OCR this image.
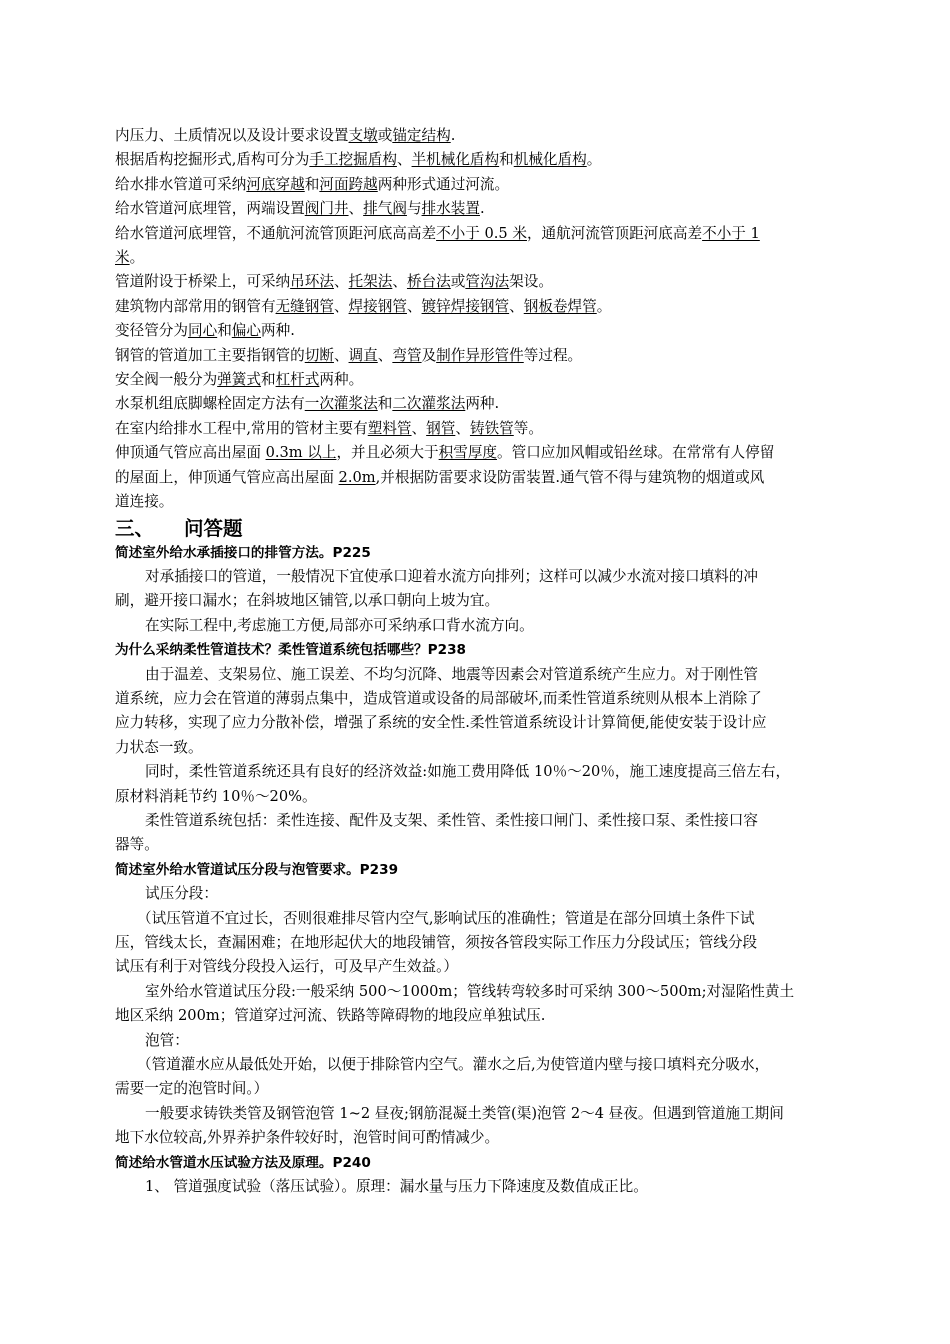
内压力、土质情况以及设计要求设置支墩或锚定结构.
根据盾构挖掘形式,盾构可分为手工挖掘盾构、半机械化盾构和机械化盾构。
给水排水管道可采纳河底穿越和河面跨越两种形式通过河流。
给水管道河底埋管，两端设置阀门井、排气阀与排水装置.
给水管道河底埋管，不通航河流管顶距河底高高差不小于 0.5 米，通航河流管顶距河底高差不小于 1
米。
管道附设于桥梁上，可采纳吊环法、托架法、桥台法或管沟法架设。
建筑物内部常用的钢管有无缝钢管、焊接钢管、镀锌焊接钢管、钢板卷焊管。
变径管分为同心和偏心两种.
钢管的管道加工主要指钢管的切断、调直、弯管及制作异形管件等过程。
安全阀一般分为弹簧式和杠杆式两种。
水泵机组底脚螺栓固定方法有一次灌浆法和二次灌浆法两种.
在室内给排水工程中,常用的管材主要有塑料管、钢管、铸铁管等。
伸顶通气管应高出屋面 0.3m 以上，并且必须大于积雪厚度。管口应加风帽或铅丝球。在常常有人停留
的屋面上，伸顶通气管应高出屋面 2.0m,并根据防雷要求设防雷装置.通气管不得与建筑物的烟道或风
道连接。
三、 问答题
简述室外给水承插接口的排管方法。P225
对承插接口的管道，一般情况下宜使承口迎着水流方向排列；这样可以减少水流对接口填料的冲
刷，避开接口漏水；在斜坡地区铺管,以承口朝向上坡为宜。
在实际工程中,考虑施工方便,局部亦可采纳承口背水流方向。
为什么采纳柔性管道技术？柔性管道系统包括哪些？P238
由于温差、支架易位、施工误差、不均匀沉降、地震等因素会对管道系统产生应力。对于刚性管
道系统，应力会在管道的薄弱点集中，造成管道或设备的局部破坏,而柔性管道系统则从根本上消除了
应力转移，实现了应力分散补偿，增强了系统的安全性.柔性管道系统设计计算简便,能使安装于设计应
力状态一致。
同时，柔性管道系统还具有良好的经济效益:如施工费用降低 10％～20％，施工速度提高三倍左右，
原材料消耗节约 10％～20%。
柔性管道系统包括：柔性连接、配件及支架、柔性管、柔性接口闸门、柔性接口泵、柔性接口容
器等。
简述室外给水管道试压分段与泡管要求。P239
试压分段：
（试压管道不宜过长，否则很难排尽管内空气,影响试压的准确性；管道是在部分回填土条件下试
压，管线太长，查漏困难；在地形起伏大的地段铺管，须按各管段实际工作压力分段试压；管线分段
试压有利于对管线分段投入运行，可及早产生效益。）
室外给水管道试压分段:一般采纳 500～1000m；管线转弯较多时可采纳 300～500m;对湿陷性黄土
地区采纳 200m；管道穿过河流、铁路等障碍物的地段应单独试压.
泡管：
（管道灌水应从最低处开始，以便于排除管内空气。灌水之后,为使管道内壁与接口填料充分吸水，
需要一定的泡管时间。）
一般要求铸铁类管及钢管泡管 1~2 昼夜;钢筋混凝土类管(渠)泡管 2～4 昼夜。但遇到管道施工期间
地下水位较高,外界养护条件较好时，泡管时间可酌情减少。
简述给水管道水压试验方法及原理。P240
1、 管道强度试验（落压试验）。原理：漏水量与压力下降速度及数值成正比。
